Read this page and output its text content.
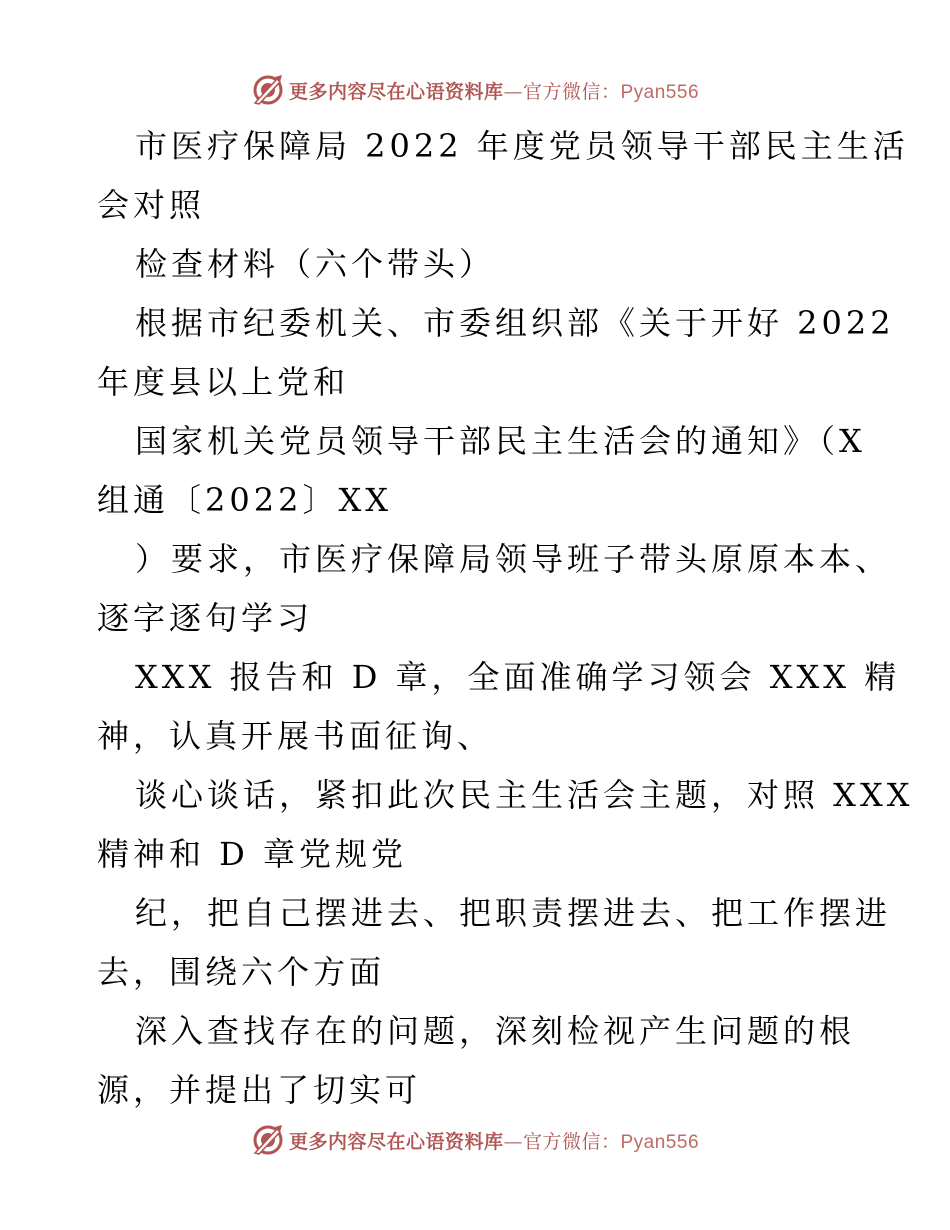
更多内容尽在心语资料库—官方微信：Pyan556
市医疗保障局 2022 年度党员领导干部民主生活
会对照
检查材料（六个带头）
根据市纪委机关、市委组织部《关于开好 2022
年度县以上党和
国家机关党员领导干部民主生活会的通知》（X
组通〔2022〕XX
）要求，市医疗保障局领导班子带头原原本本、
逐字逐句学习
XXX 报告和 D 章，全面准确学习领会 XXX 精
神，认真开展书面征询、
谈心谈话，紧扣此次民主生活会主题，对照 XXX
精神和 D 章党规党
纪，把自己摆进去、把职责摆进去、把工作摆进
去，围绕六个方面
深入查找存在的问题，深刻检视产生问题的根
源，并提出了切实可
更多内容尽在心语资料库—官方微信：Pyan556
